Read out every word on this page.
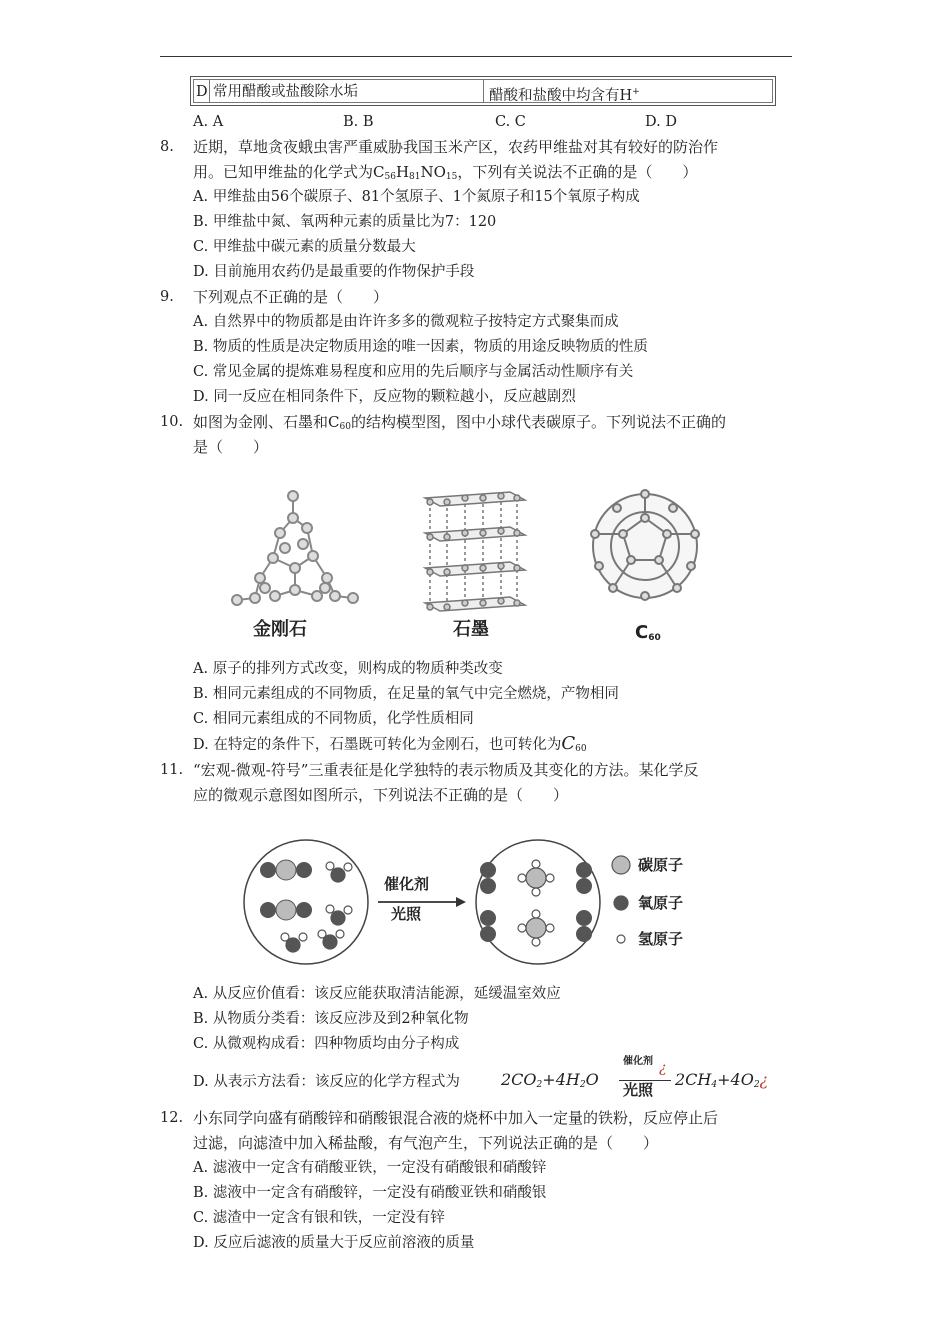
D 常用醋酸或盐酸除水垢	醋酸和盐酸中均含有H+
A. A	B. B	C. C	D. D
8. 近期，草地贪夜蛾虫害严重威胁我国玉米产区，农药甲维盐对其有较好的防治作
用。已知甲维盐的化学式为$C_{56}H_{81}NO_{15}$，下列有关说法不正确的是（　　）
A. 甲维盐由56个碳原子、81个氢原子、1个氮原子和15个氧原子构成
B. 甲维盐中氮、氧两种元素的质量比为7：120
C. 甲维盐中碳元素的质量分数最大
D. 目前施用农药仍是最重要的作物保护手段
9. 下列观点不正确的是（　　）
A. 自然界中的物质都是由许许多多的微观粒子按特定方式聚集而成
B. 物质的性质是决定物质用途的唯一因素，物质的用途反映物质的性质
C. 常见金属的提炼难易程度和应用的先后顺序与金属活动性顺序有关
D. 同一反应在相同条件下，反应物的颗粒越小，反应越剧烈
10. 如图为金刚、石墨和$C_{60}$的结构模型图，图中小球代表碳原子。下列说法不正确的
是（　　）
金刚石	石墨	$C_{60}$
A. 原子的排列方式改变，则构成的物质种类改变
B. 相同元素组成的不同物质，在足量的氧气中完全燃烧，产物相同
C. 相同元素组成的不同物质，化学性质相同
D. 在特定的条件下，石墨既可转化为金刚石，也可转化为$C_{60}$
11. “宏观-微观-符号”三重表征是化学独特的表示物质及其变化的方法。某化学反
应的微观示意图如图所示，下列说法不正确的是（　　）
催化剂
光照
碳原子
氧原子
氢原子
A. 从反应价值看：该反应能获取清洁能源，延缓温室效应
B. 从物质分类看：该反应涉及到2种氧化物
C. 从微观构成看：四种物质均由分子构成
D. 从表示方法看：该反应的化学方程式为	$2CO_2+4H_2O$
催化剂 ¿
光照
$2CH_4+4O_2¿$
12. 小东同学向盛有硝酸锌和硝酸银混合液的烧杯中加入一定量的铁粉，反应停止后
过滤，向滤渣中加入稀盐酸，有气泡产生，下列说法正确的是（　　）
A. 滤液中一定含有硝酸亚铁，一定没有硝酸银和硝酸锌
B. 滤液中一定含有硝酸锌，一定没有硝酸亚铁和硝酸银
C. 滤渣中一定含有银和铁，一定没有锌
D. 反应后滤液的质量大于反应前溶液的质量
